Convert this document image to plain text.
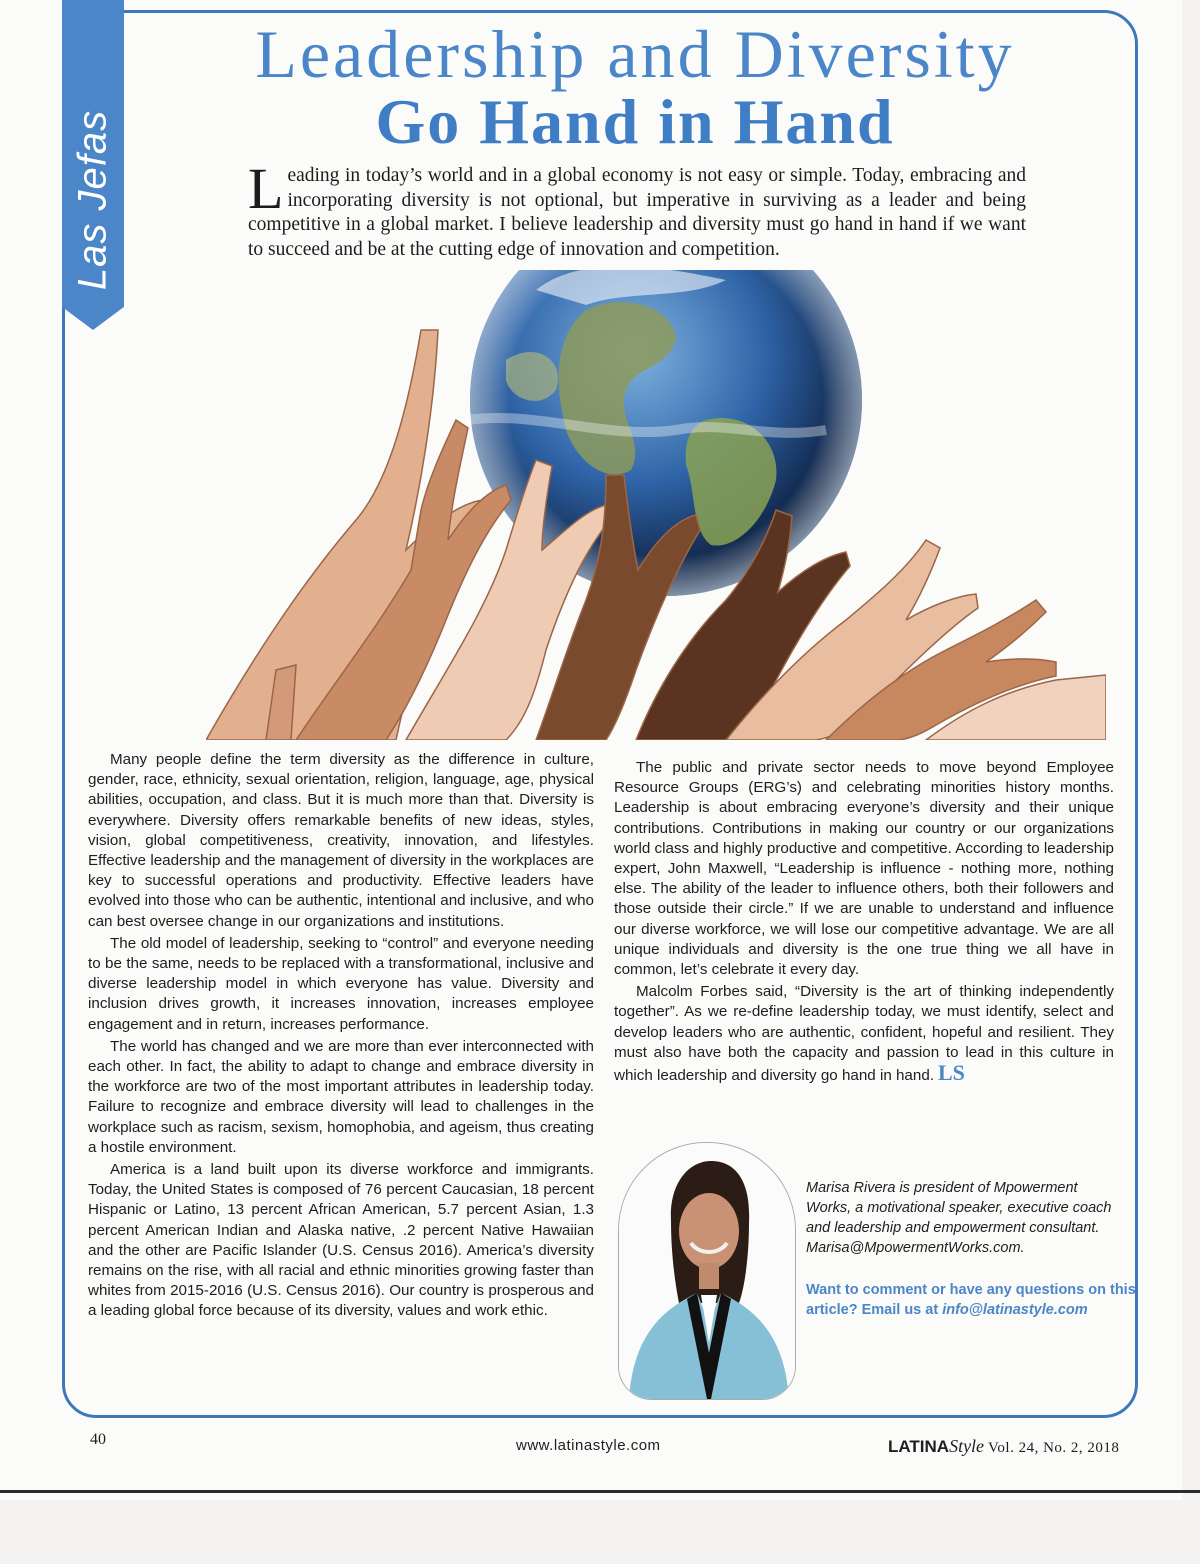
Las Jefas
Leadership and Diversity
Go Hand in Hand
Leading in today’s world and in a global economy is not easy or simple. Today, embracing and incorporating diversity is not optional, but imperative in surviving as a leader and being competitive in a global market. I believe leadership and diversity must go hand in hand if we want to succeed and be at the cutting edge of innovation and competition.

Many people define the term diversity as the difference in culture, gender, race, ethnicity, sexual orientation, religion, language, age, physical abilities, occupation, and class. But it is much more than that. Diversity is everywhere. Diversity offers remarkable benefits of new ideas, styles, vision, global competitiveness, creativity, innovation, and lifestyles. Effective leadership and the management of diversity in the workplaces are key to successful operations and productivity. Effective leaders have evolved into those who can be authentic, intentional and inclusive, and who can best oversee change in our organizations and institutions.

The old model of leadership, seeking to “control” and everyone needing to be the same, needs to be replaced with a transformational, inclusive and diverse leadership model in which everyone has value. Diversity and inclusion drives growth, it increases innovation, increases employee engagement and in return, increases performance.

The world has changed and we are more than ever interconnected with each other. In fact, the ability to adapt to change and embrace diversity in the workforce are two of the most important attributes in leadership today. Failure to recognize and embrace diversity will lead to challenges in the workplace such as racism, sexism, homophobia, and ageism, thus creating a hostile environment.

America is a land built upon its diverse workforce and immigrants. Today, the United States is composed of 76 percent Caucasian, 18 percent Hispanic or Latino, 13 percent African American, 5.7 percent Asian, 1.3 percent American Indian and Alaska native, .2 percent Native Hawaiian and the other are Pacific Islander (U.S. Census 2016). America’s diversity remains on the rise, with all racial and ethnic minorities growing faster than whites from 2015-2016 (U.S. Census 2016). Our country is prosperous and a leading global force because of its diversity, values and work ethic.

The public and private sector needs to move beyond Employee Resource Groups (ERG’s) and celebrating minorities history months. Leadership is about embracing everyone’s diversity and their unique contributions. Contributions in making our country or our organizations world class and highly productive and competitive. According to leadership expert, John Maxwell, “Leadership is influence - nothing more, nothing else. The ability of the leader to influence others, both their followers and those outside their circle.” If we are unable to understand and influence our diverse workforce, we will lose our competitive advantage. We are all unique individuals and diversity is the one true thing we all have in common, let’s celebrate it every day.

Malcolm Forbes said, “Diversity is the art of thinking independently together”. As we re-define leadership today, we must identify, select and develop leaders who are authentic, confident, hopeful and resilient. They must also have both the capacity and passion to lead in this culture in which leadership and diversity go hand in hand. LS

Marisa Rivera is president of Mpowerment Works, a motivational speaker, executive coach and leadership and empowerment consultant. Marisa@MpowermentWorks.com.
Want to comment or have any questions on this article? Email us at info@latinastyle.com
40	www.latinastyle.com	LATINAStyle Vol. 24, No. 2, 2018
